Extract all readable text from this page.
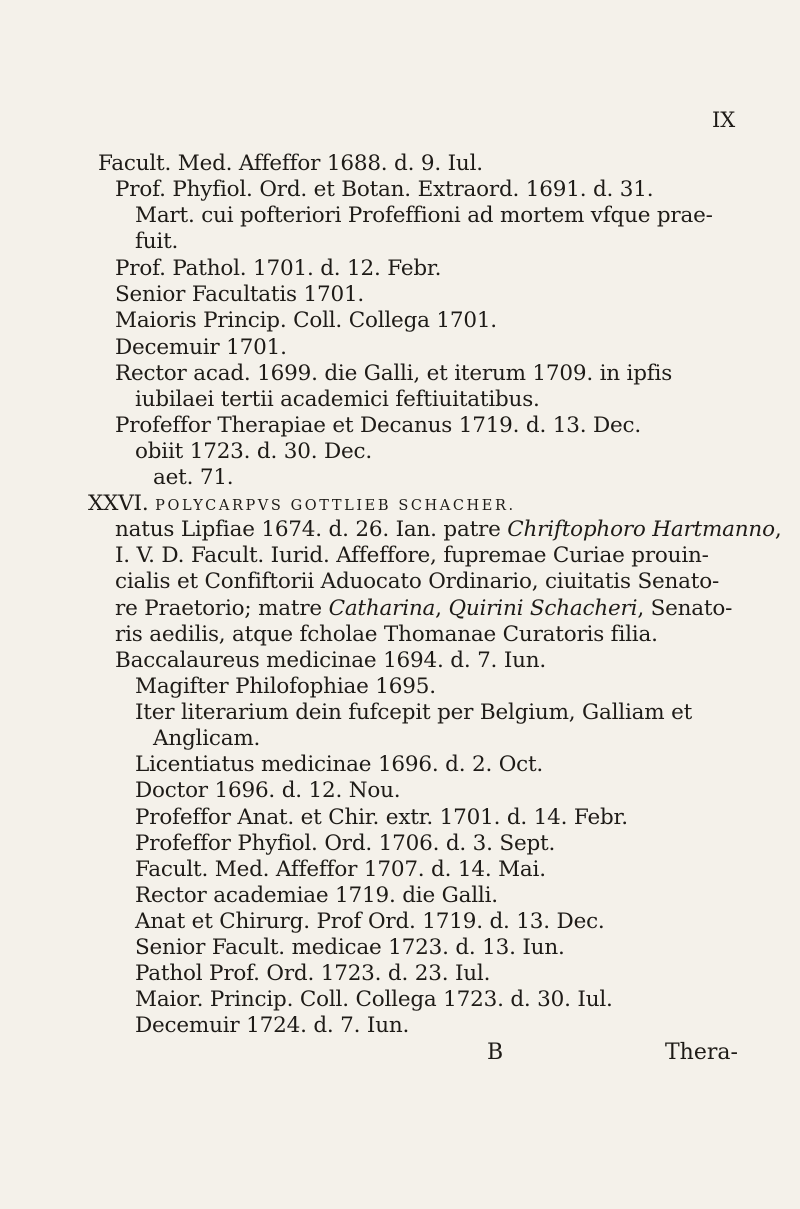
IX
Facult. Med. Affeffor 1688. d. 9. Iul.
Prof. Phyfiol. Ord. et Botan. Extraord. 1691. d. 31.
Mart. cui pofteriori Profeffioni ad mortem vfque prae-
fuit.
Prof. Pathol. 1701. d. 12. Febr.
Senior Facultatis 1701.
Maioris Princip. Coll. Collega 1701.
Decemuir 1701.
Rector acad. 1699. die Galli, et iterum 1709. in ipfis
iubilaei tertii academici feftiuitatibus.
Profeffor Therapiae et Decanus 1719. d. 13. Dec.
obiit 1723. d. 30. Dec.
aet. 71.
XXVI. POLYCARPVS GOTTLIEB SCHACHER.
natus Lipfiae 1674. d. 26. Ian. patre Chriftophoro Hartmanno,
I. V. D. Facult. Iurid. Affeffore, fupremae Curiae prouin-
cialis et Confiftorii Aduocato Ordinario, ciuitatis Senato-
re Praetorio; matre Catharina, Quirini Schacheri, Senato-
ris aedilis, atque fcholae Thomanae Curatoris filia.
Baccalaureus medicinae 1694. d. 7. Iun.
Magifter Philofophiae 1695.
Iter literarium dein fufcepit per Belgium, Galliam et
Anglicam.
Licentiatus medicinae 1696. d. 2. Oct.
Doctor 1696. d. 12. Nou.
Profeffor Anat. et Chir. extr. 1701. d. 14. Febr.
Profeffor Phyfiol. Ord. 1706. d. 3. Sept.
Facult. Med. Affeffor 1707. d. 14. Mai.
Rector academiae 1719. die Galli.
Anat et Chirurg. Prof Ord. 1719. d. 13. Dec.
Senior Facult. medicae 1723. d. 13. Iun.
Pathol Prof. Ord. 1723. d. 23. Iul.
Maior. Princip. Coll. Collega 1723. d. 30. Iul.
Decemuir 1724. d. 7. Iun.
B	Thera-
